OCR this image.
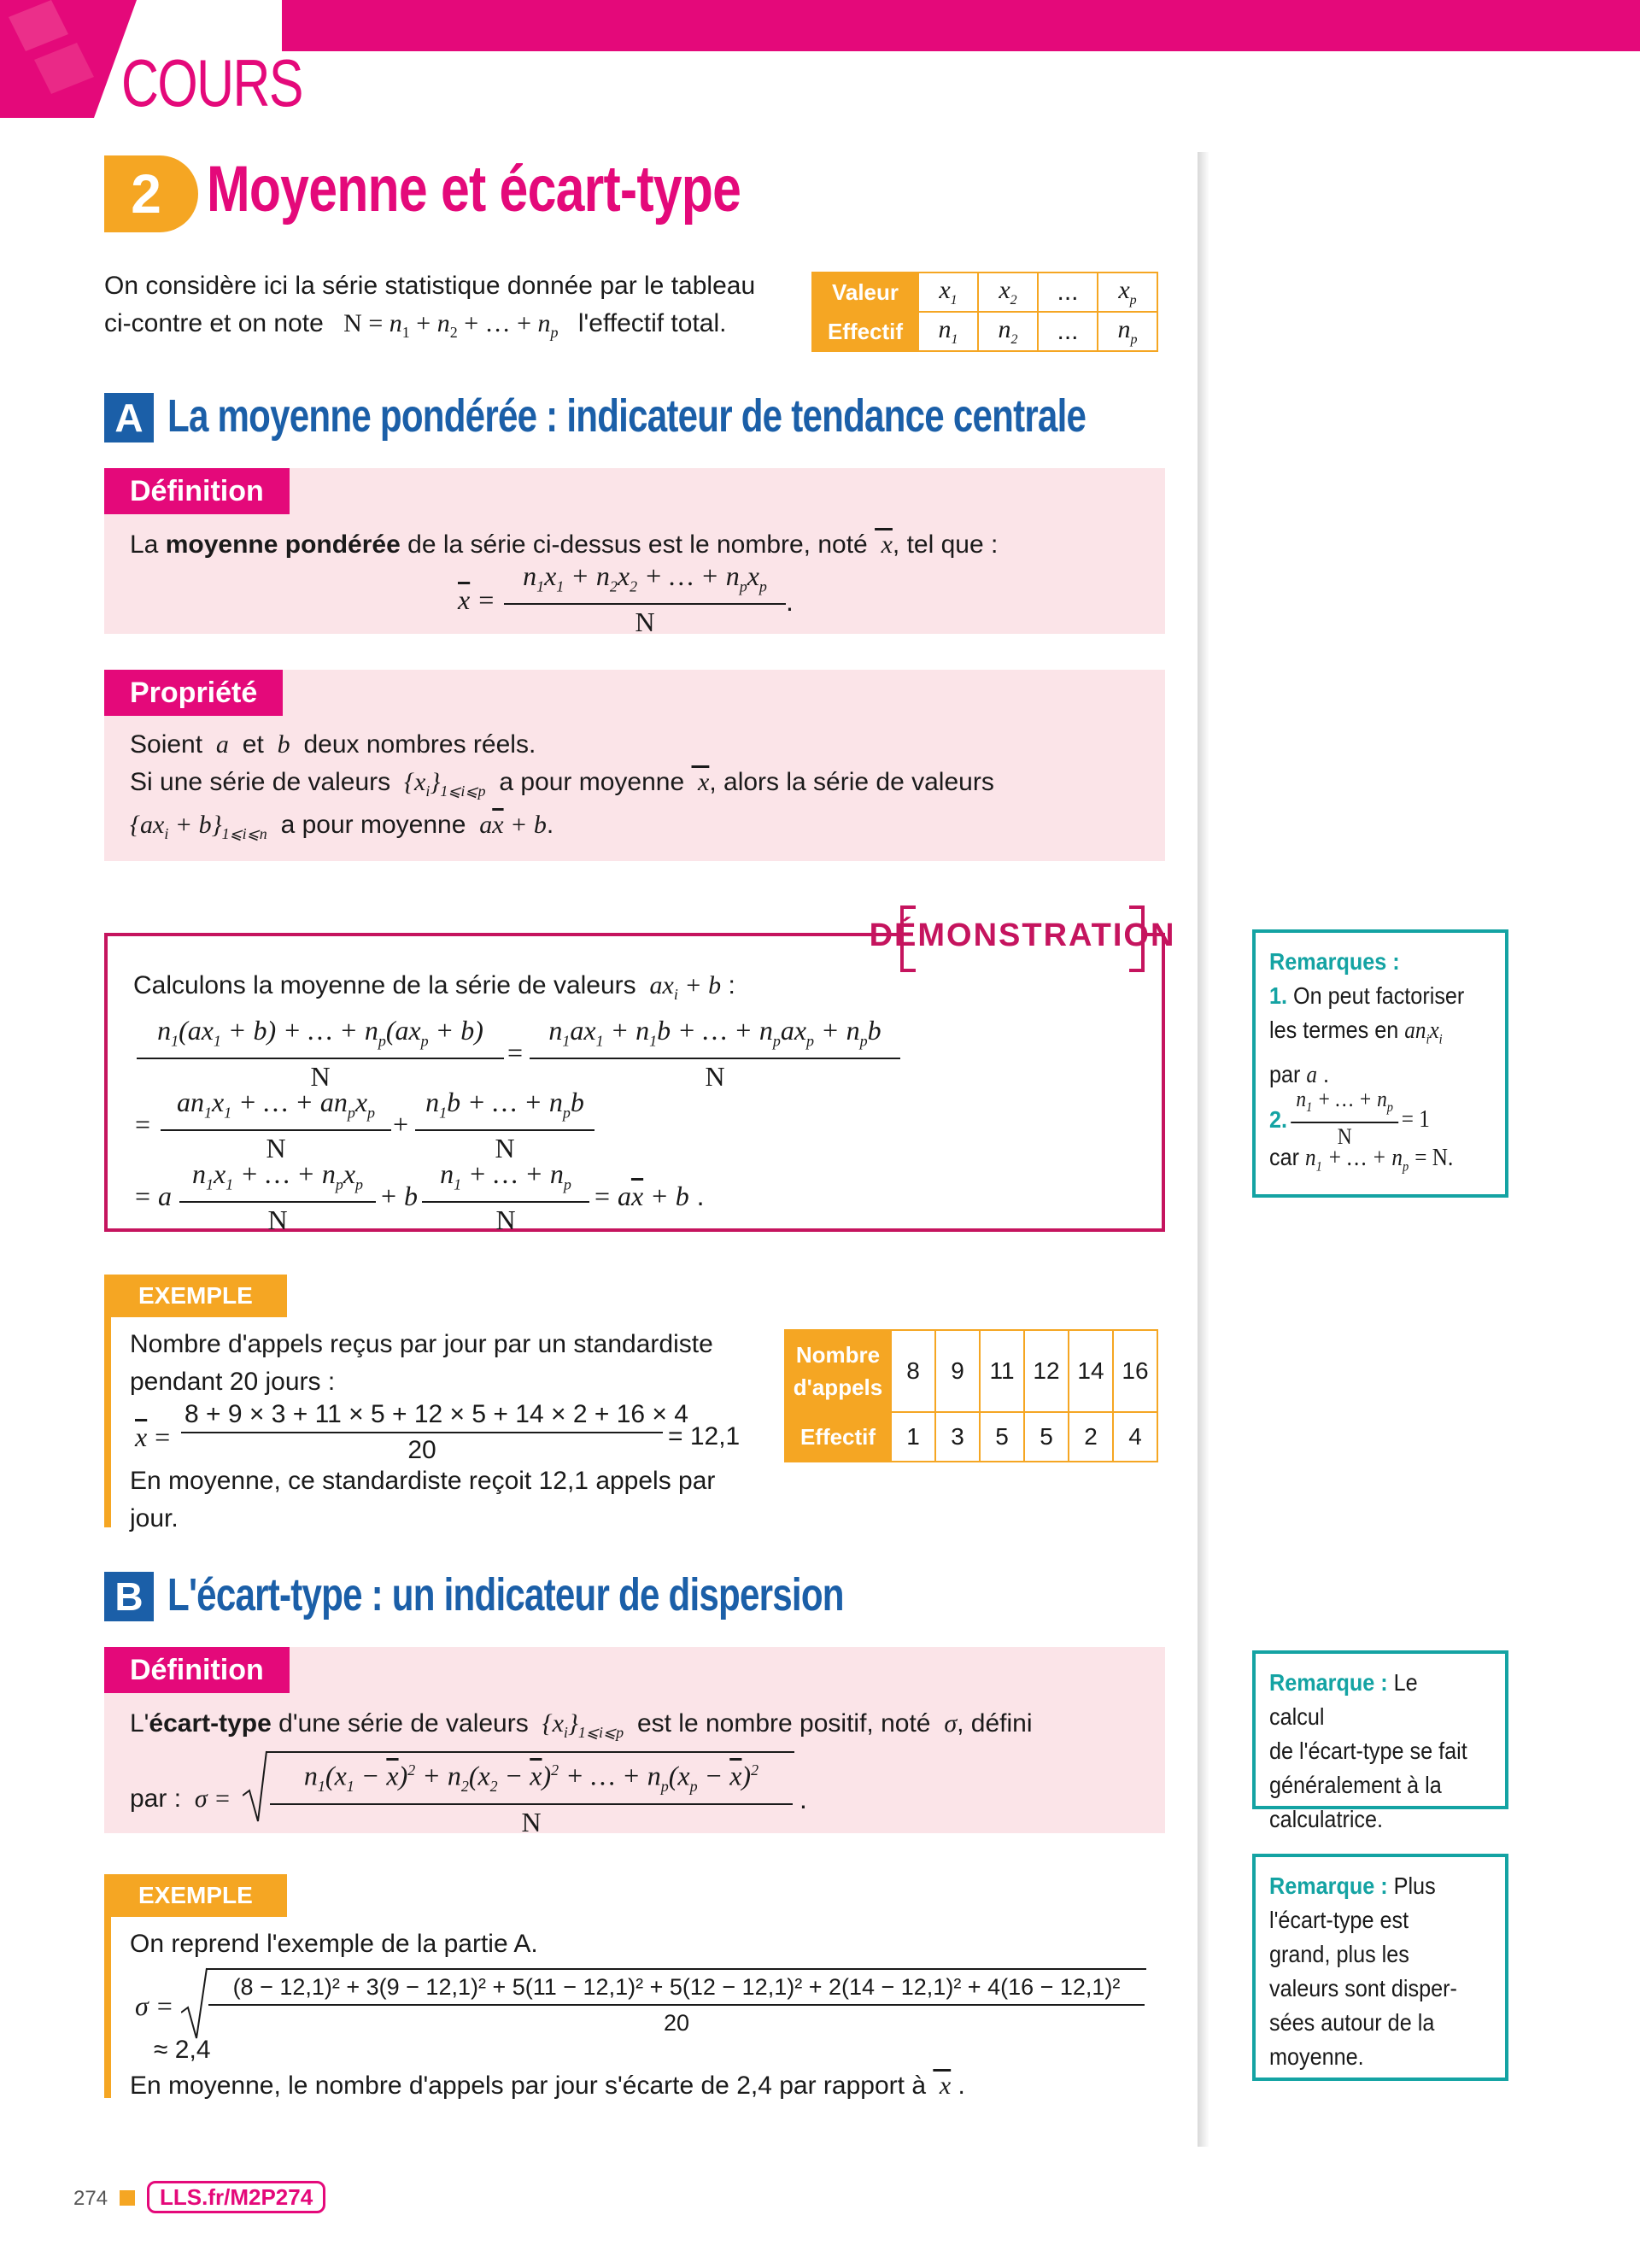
COURS
2 Moyenne et écart-type
On considère ici la série statistique donnée par le tableau
ci-contre et on note   $N = n_1 + n_2$ + … + $n_p$ l'effectif total.
Valeur	$x_1$	$x_2$	...	$x_p$
Effectif	$n_1$	$n_2$	...	$n_p$
A La moyenne pondérée : indicateur de tendance centrale
Définition
La moyenne pondérée de la série ci-dessus est le nombre, noté  x, tel que :
$\overline{x}$ =
$n_1x_1 + n_2x_2$ + … + $n_px_p$
N
.
Propriété
Soient  a  et  b  deux nombres réels.
Si une série de valeurs  $\{x_i\}_{1⩽i⩽p}$ a pour moyenne  x, alors la série de valeurs
$\{ax_i + b\}_{1⩽i⩽n}$ a pour moyenne  $a\overline{x} + b$.
DÉMONSTRATION
Calculons la moyenne de la série de valeurs  $ax_i + b$ :
$n_1(ax_1 + b)$ + … + $n_p(ax_p + b)$
N
=
$n_1ax_1 + n_1b$ + … + $n_pax_p + n_pb$
N
=
$an_1x_1$ + … + $an_px_p$
N
+
$n_1b$ + … + $n_pb$
N
= a
$n_1x_1$ + … + $n_px_p$
N
+ b $\frac{n_1 + \dots + n_p}{N} = a\overline{x} + b$ .
EXEMPLE
Nombre d'appels reçus par jour par un standardiste
pendant 20 jours :
$\overline{x} = \frac{8 + 9 \times 3 + 11 \times 5 + 12 \times 5 + 14 \times 2 + 16 \times 4}{20} = 12,1$
En moyenne, ce standardiste reçoit 12,1 appels par
jour.
Nombre d'appels	8	9	11	12	14	16
Effectif	1	3	5	5	2	4
B L'écart-type : un indicateur de dispersion
Définition
L'écart-type d'une série de valeurs  $\{x_i\}_{1⩽i⩽p}$ est le nombre positif, noté  σ, défini
par :  $\sigma = \frac{n_1(x_1 - \overline{x})^2 + n_2(x_2 - \overline{x})^2 + \dots + n_p(x_p - \overline{x})^2}{N}$ .
EXEMPLE
On reprend l'exemple de la partie A.
σ =
(8 − 12,1)² + 3(9 − 12,1)² + 5(11 − 12,1)² + 5(12 − 12,1)² + 2(14 − 12,1)² + 4(16 − 12,1)²
20
≈ 2,4
En moyenne, le nombre d'appels par jour s'écarte de 2,4 par rapport à  x .
Remarques :
1. On peut factoriser
les termes en $an_ix_i$
par a .
2. $\frac{n_1 + \dots + n_p}{N} = 1$
car $n_1$ + … + $n_p = N$.
Remarque : Le calcul
de l'écart-type se fait
généralement à la
calculatrice.
Remarque : Plus
l'écart-type est
grand, plus les
valeurs sont disper-
sées autour de la
moyenne.
274	LLS.fr/M2P274
